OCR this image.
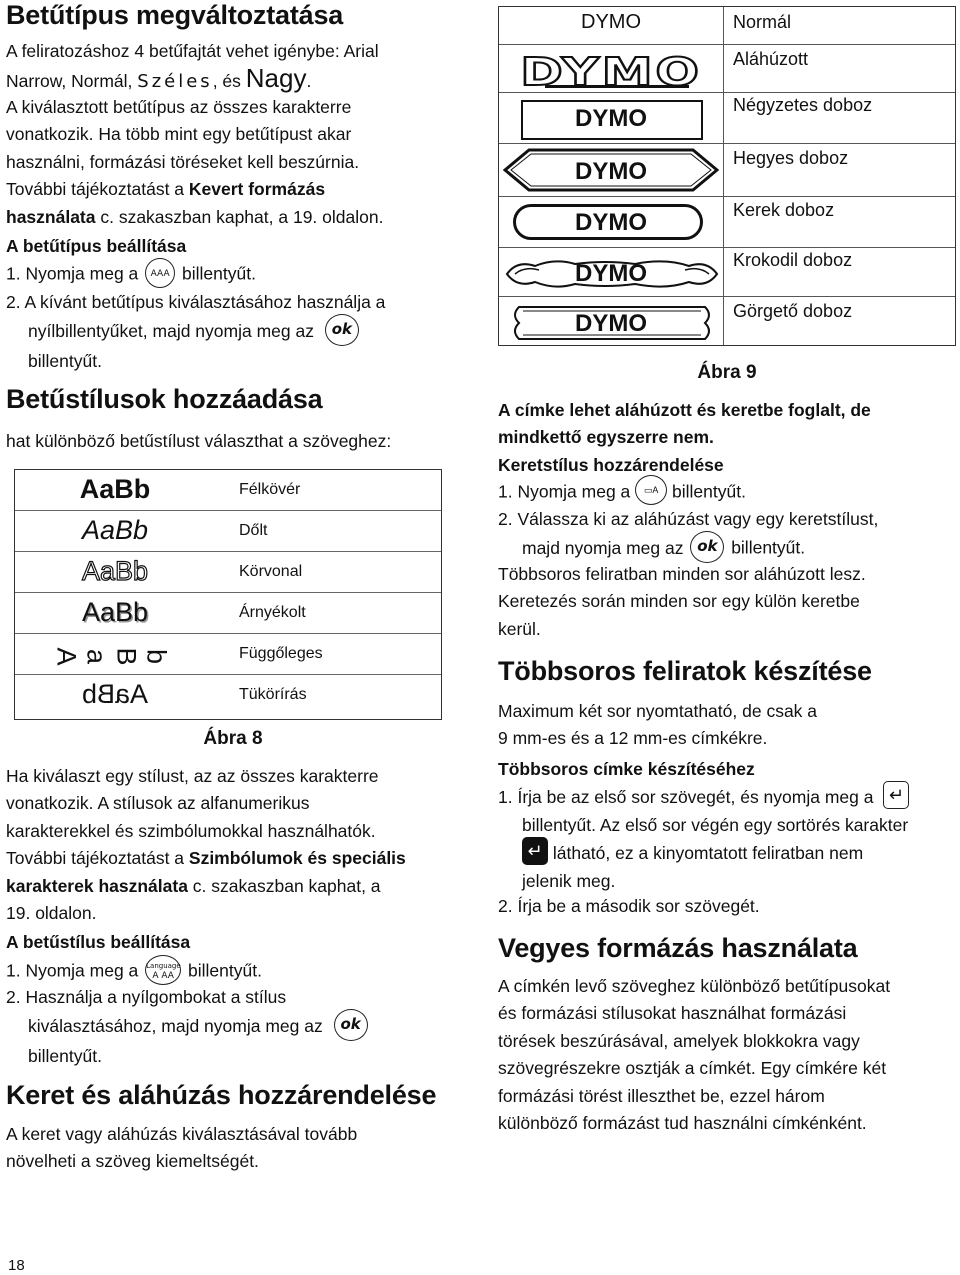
Betűtípus megváltoztatása

A feliratozáshoz 4 betűfajtát vehet igénybe: Arial
Narrow, Normál, Széles, és Nagy.

A kiválasztott betűtípus az összes karakterre
vonatkozik. Ha több mint egy betűtípust akar
használni, formázási töréseket kell beszúrnia.
További tájékoztatást a Kevert formázás
használata c. szakaszban kaphat, a 19. oldalon.

A betűtípus beállítása

1. Nyomja meg a AAA billentyűt.

2. A kívánt betűtípus kiválasztásához használja a
nyílbillentyűket, majd nyomja meg az ok
billentyűt.

Betűstílusok hozzáadása

hat különböző betűstílust választhat a szöveghez:

AaBb	Félkövér
AaBb	Dőlt
AaBb	Körvonal
AaBb	Árnyékolt
A a B b	Függőleges
AaBb	Tükörírás
Ábra 8

Ha kiválaszt egy stílust, az az összes karakterre
vonatkozik. A stílusok az alfanumerikus
karakterekkel és szimbólumokkal használhatók.
További tájékoztatást a Szimbólumok és speciális
karakterek használata c. szakaszban kaphat, a
19. oldalon.

A betűstílus beállítása

1. Nyomja meg a Language
A AA billentyűt.

2. Használja a nyílgombokat a stílus
kiválasztásához, majd nyomja meg az ok
billentyűt.

Keret és aláhúzás hozzárendelése

A keret vagy aláhúzás kiválasztásával tovább
növelheti a szöveg kiemeltségét.

DYMO	Normál
DYMO	Aláhúzott
DYMO	Négyzetes doboz
DYMO	Hegyes doboz
DYMO	Kerek doboz
DYMO	Krokodil doboz
DYMO	Görgető doboz
Ábra 9

A címke lehet aláhúzott és keretbe foglalt, de
mindkettő egyszerre nem.

Keretstílus hozzárendelése

1. Nyomja meg a ▭A billentyűt.

2. Válassza ki az aláhúzást vagy egy keretstílust,
majd nyomja meg az ok billentyűt.

Többsoros feliratban minden sor aláhúzott lesz.
Keretezés során minden sor egy külön keretbe
kerül.

Többsoros feliratok készítése

Maximum két sor nyomtatható, de csak a
9 mm-es és a 12 mm-es címkékre.

Többsoros címke készítéséhez

1. Írja be az első sor szövegét, és nyomja meg a ↵
billentyűt. Az első sor végén egy sortörés karakter
↵ látható, ez a kinyomtatott feliratban nem
jelenik meg.

2. Írja be a második sor szövegét.

Vegyes formázás használata

A címkén levő szöveghez különböző betűtípusokat
és formázási stílusokat használhat formázási
törések beszúrásával, amelyek blokkokra vagy
szövegrészekre osztják a címkét. Egy címkére két
formázási törést illeszthet be, ezzel három
különböző formázást tud használni címkénként.

18
